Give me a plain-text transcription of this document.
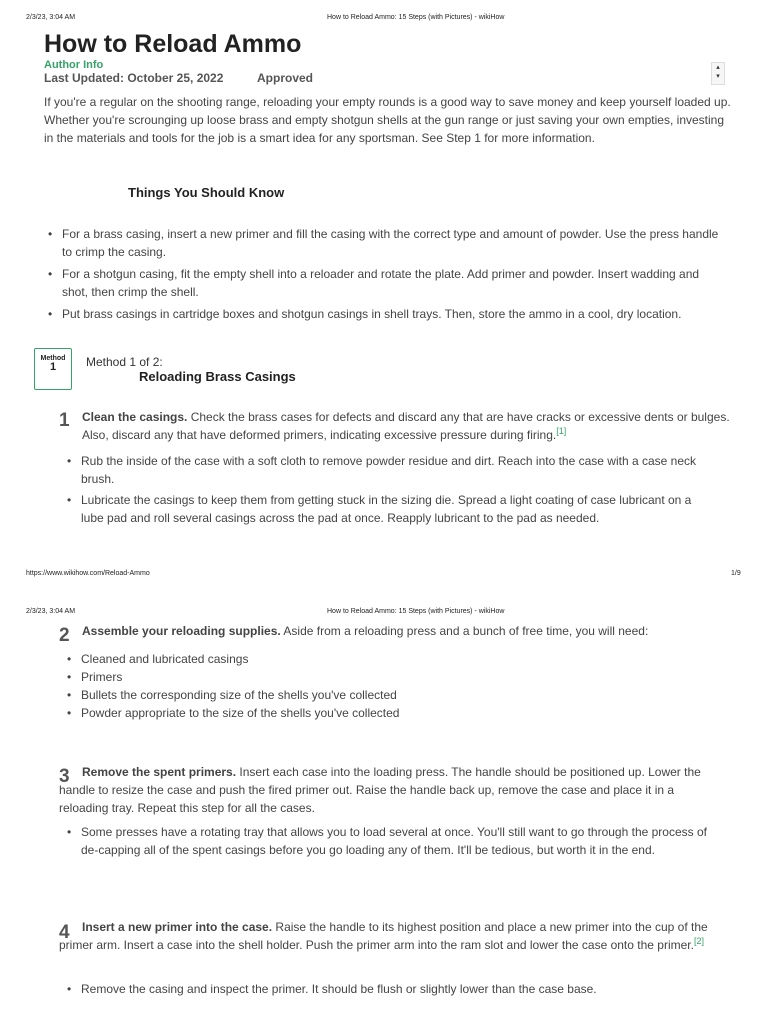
2/3/23, 3:04 AM	How to Reload Ammo: 15 Steps (with Pictures) - wikiHow
How to Reload Ammo
Author Info
Last Updated: October 25, 2022	Approved
▴
▾
If you're a regular on the shooting range, reloading your empty rounds is a good way to save money and keep yourself loaded up. Whether you're scrounging up loose brass and empty shotgun shells at the gun range or just saving your own empties, investing in the materials and tools for the job is a smart idea for any sportsman. See Step 1 for more information.
Things You Should Know
• For a brass casing, insert a new primer and fill the casing with the correct type and amount of powder. Use the press handle to crimp the casing.
• For a shotgun casing, fit the empty shell into a reloader and rotate the plate. Add primer and powder. Insert wadding and shot, then crimp the shell.
• Put brass casings in cartridge boxes and shotgun casings in shell trays. Then, store the ammo in a cool, dry location.
Method
1	Method 1 of 2:
Reloading Brass Casings
1 Clean the casings. Check the brass cases for defects and discard any that are have cracks or excessive dents or bulges. Also, discard any that have deformed primers, indicating excessive pressure during firing.[1]
• Rub the inside of the case with a soft cloth to remove powder residue and dirt. Reach into the case with a case neck brush.
• Lubricate the casings to keep them from getting stuck in the sizing die. Spread a light coating of case lubricant on a lube pad and roll several casings across the pad at once. Reapply lubricant to the pad as needed.
https://www.wikihow.com/Reload-Ammo	1/9
2/3/23, 3:04 AM	How to Reload Ammo: 15 Steps (with Pictures) - wikiHow
2 Assemble your reloading supplies. Aside from a reloading press and a bunch of free time, you will need:
• Cleaned and lubricated casings
• Primers
• Bullets the corresponding size of the shells you've collected
• Powder appropriate to the size of the shells you've collected
3	Remove the spent primers. Insert each case into the loading press. The handle should be positioned up. Lower the handle to resize the case and push the fired primer out. Raise the handle back up, remove the case and place it in a reloading tray. Repeat this step for all the cases.
• Some presses have a rotating tray that allows you to load several at once. You'll still want to go through the process of de-capping all of the spent casings before you go loading any of them. It'll be tedious, but worth it in the end.
4	Insert a new primer into the case. Raise the handle to its highest position and place a new primer into the cup of the primer arm. Insert a case into the shell holder. Push the primer arm into the ram slot and lower the case onto the primer.[2]
• Remove the casing and inspect the primer. It should be flush or slightly lower than the case base.
